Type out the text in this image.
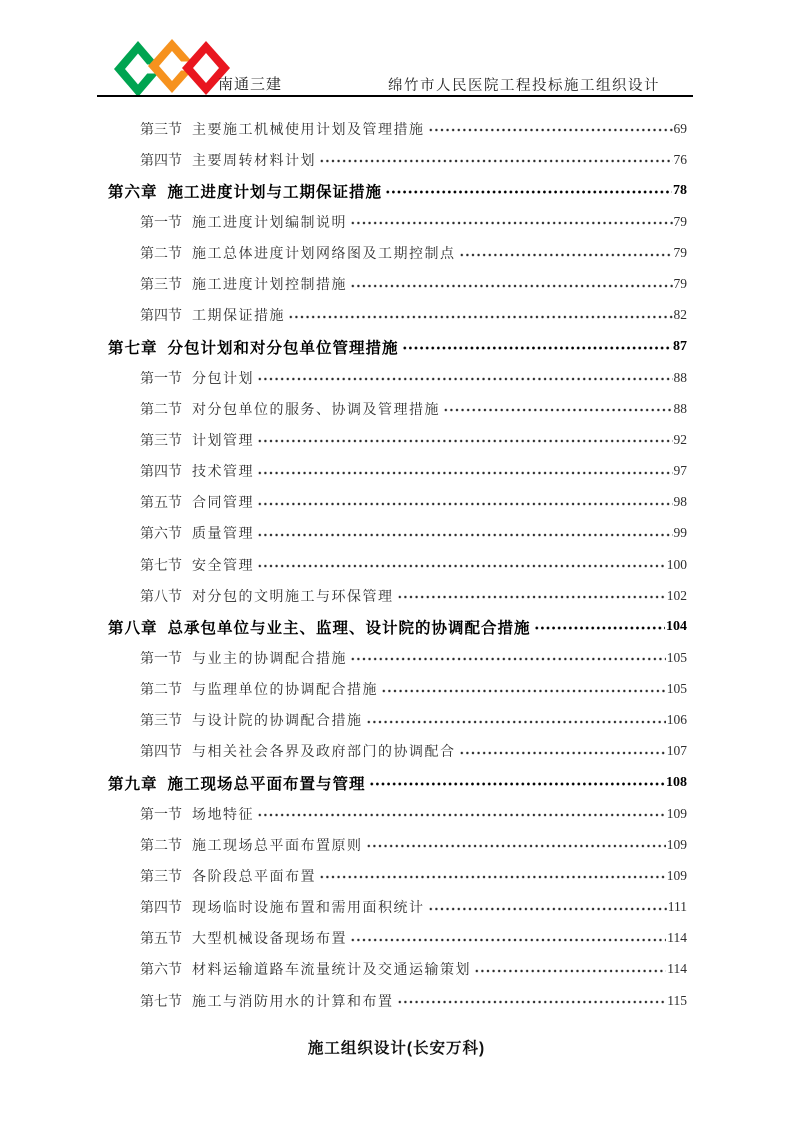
南通三建	绵竹市人民医院工程投标施工组织设计
第三节 主要施工机械使用计划及管理措施	69
第四节 主要周转材料计划	76
第六章 施工进度计划与工期保证措施	78
第一节 施工进度计划编制说明	79
第二节 施工总体进度计划网络图及工期控制点	79
第三节 施工进度计划控制措施	79
第四节 工期保证措施	82
第七章 分包计划和对分包单位管理措施	87
第一节 分包计划	88
第二节 对分包单位的服务、协调及管理措施	88
第三节 计划管理	92
第四节 技术管理	97
第五节 合同管理	98
第六节 质量管理	99
第七节 安全管理	100
第八节 对分包的文明施工与环保管理	102
第八章 总承包单位与业主、监理、设计院的协调配合措施	104
第一节 与业主的协调配合措施	105
第二节 与监理单位的协调配合措施	105
第三节 与设计院的协调配合措施	106
第四节 与相关社会各界及政府部门的协调配合	107
第九章 施工现场总平面布置与管理	108
第一节 场地特征	109
第二节 施工现场总平面布置原则	109
第三节 各阶段总平面布置	109
第四节 现场临时设施布置和需用面积统计	111
第五节 大型机械设备现场布置	114
第六节 材料运输道路车流量统计及交通运输策划	114
第七节 施工与消防用水的计算和布置	115
施工组织设计(长安万科)
